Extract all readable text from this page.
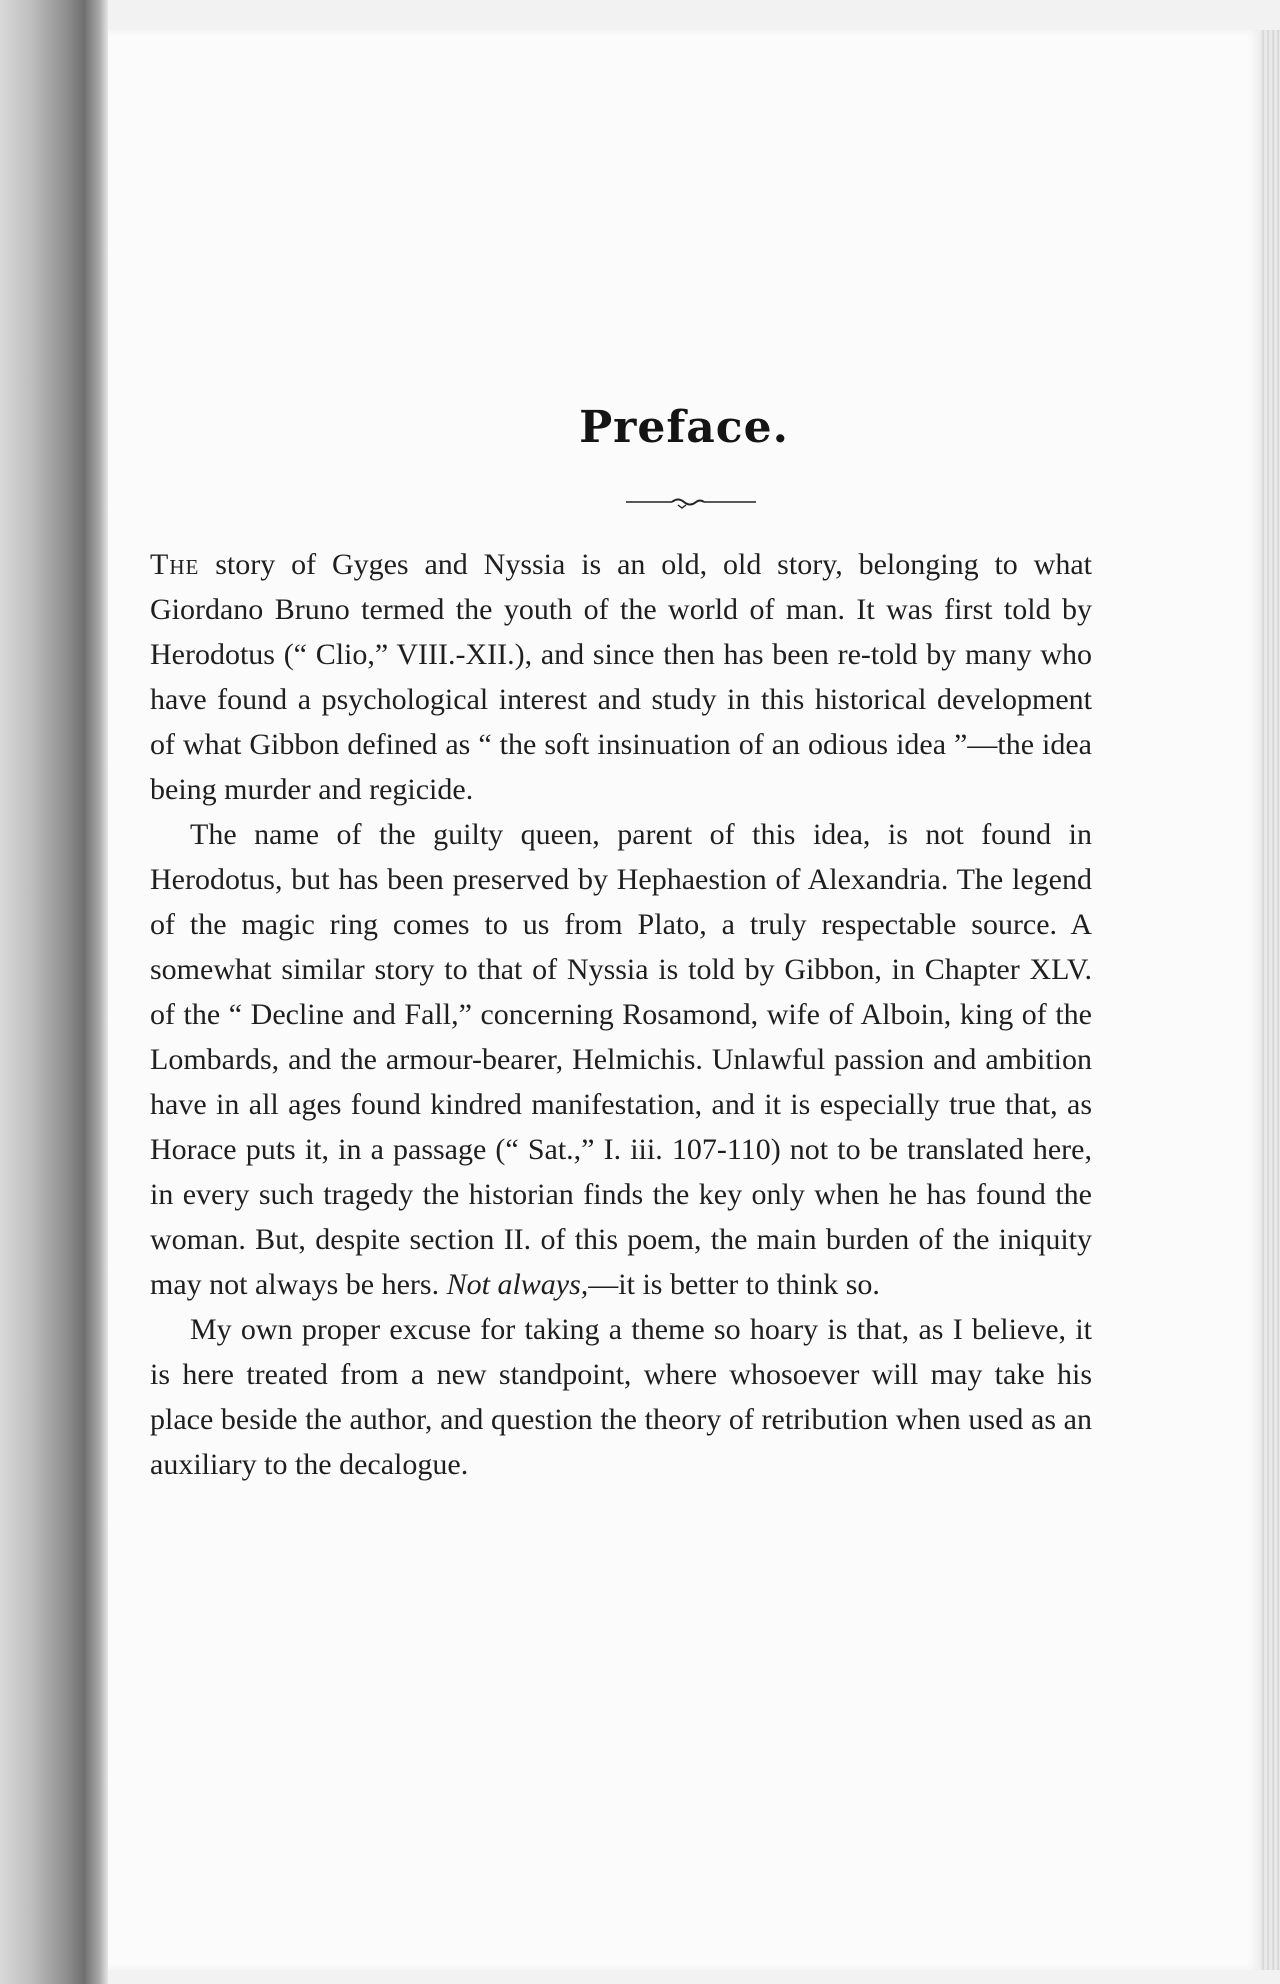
Preface.

The story of Gyges and Nyssia is an old, old story, belonging to what Giordano Bruno termed the youth of the world of man. It was first told by Herodotus (“ Clio,” VIII.-XII.), and since then has been re-told by many who have found a psychological interest and study in this historical development of what Gibbon defined as “ the soft insinuation of an odious idea ”—the idea being murder and regicide.

The name of the guilty queen, parent of this idea, is not found in Herodotus, but has been preserved by Hephaestion of Alexandria. The legend of the magic ring comes to us from Plato, a truly respectable source. A somewhat similar story to that of Nyssia is told by Gibbon, in Chapter XLV. of the “ Decline and Fall,” concerning Rosamond, wife of Alboin, king of the Lombards, and the armour-bearer, Helmichis. Unlawful passion and ambition have in all ages found kindred manifestation, and it is especially true that, as Horace puts it, in a passage (“ Sat.,” I. iii. 107-110) not to be translated here, in every such tragedy the historian finds the key only when he has found the woman. But, despite section II. of this poem, the main burden of the iniquity may not always be hers. Not always,—it is better to think so.

My own proper excuse for taking a theme so hoary is that, as I believe, it is here treated from a new standpoint, where whosoever will may take his place beside the author, and question the theory of retribution when used as an auxiliary to the decalogue.
